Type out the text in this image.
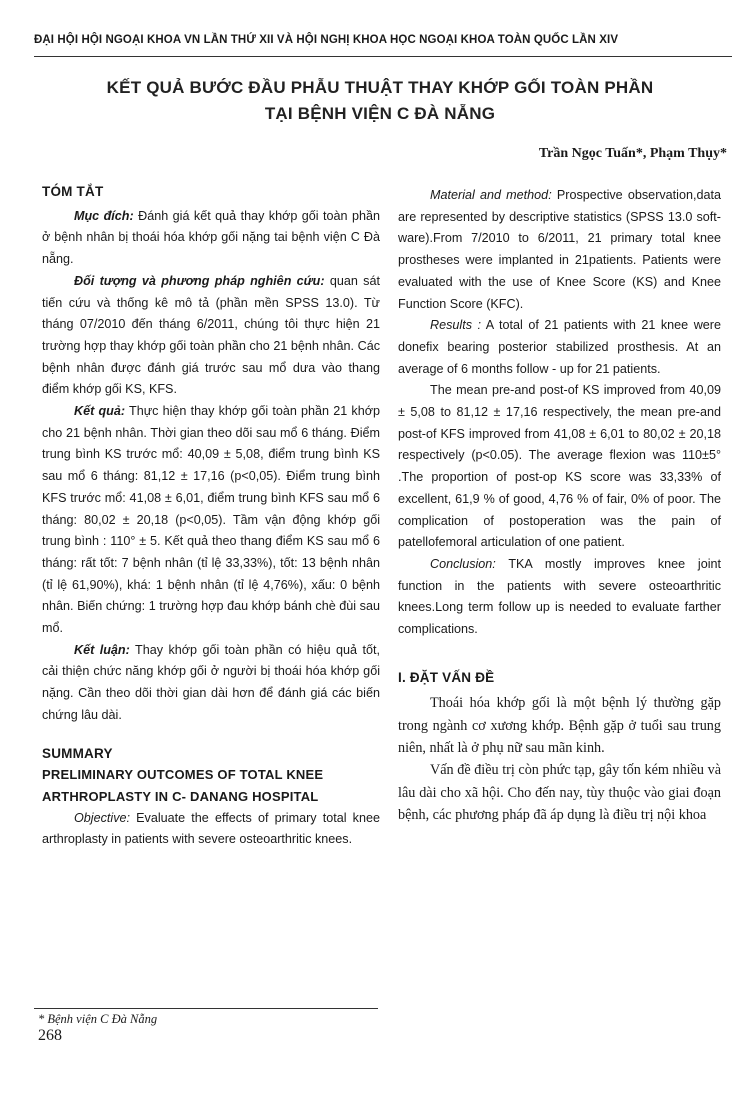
ĐẠI HỘI HỘI NGOẠI KHOA VN LẦN THỨ XII VÀ HỘI NGHỊ KHOA HỌC NGOẠI KHOA TOÀN QUỐC LẦN XIV
KẾT QUẢ BƯỚC ĐẦU PHẪU THUẬT THAY KHỚP GỐI TOÀN PHẦN
TẠI BỆNH VIỆN C ĐÀ NẴNG
Trần Ngọc Tuấn*, Phạm Thụy*
TÓM TẮT

Mục đích: Đánh giá kết quả thay khớp gối toàn phần ở bệnh nhân bị thoái hóa khớp gối nặng tai bệnh viện C Đà nẵng.

Đối tượng và phương pháp nghiên cứu: quan sát tiến cứu và thống kê mô tả (phần mền SPSS 13.0). Từ tháng 07/2010 đến tháng 6/2011, chúng tôi thực hiện 21 trường hợp thay khớp gối toàn phần cho 21 bệnh nhân. Các bệnh nhân được đánh giá trước sau mổ dưa vào thang điểm khớp gối KS, KFS.

Kết quả: Thực hiện thay khớp gối toàn phần 21 khớp cho 21 bệnh nhân. Thời gian theo dõi sau mổ 6 tháng. Điểm trung bình KS trước mổ: 40,09 ± 5,08, điểm trung bình KS sau mổ 6 tháng: 81,12 ± 17,16 (p<0,05). Điểm trung bình KFS trước mổ: 41,08 ± 6,01, điểm trung bình KFS sau mổ 6 tháng: 80,02 ± 20,18 (p<0,05). Tầm vận động khớp gối trung bình : 110° ± 5. Kết quả theo thang điểm KS sau mổ 6 tháng: rất tốt: 7 bệnh nhân (tỉ lệ 33,33%), tốt: 13 bệnh nhân (tỉ lệ 61,90%), khá: 1 bệnh nhân (tỉ lệ 4,76%), xấu: 0 bệnh nhân. Biến chứng: 1 trường hợp đau khớp bánh chè đùi sau mổ.

Kết luận: Thay khớp gối toàn phần có hiệu quả tốt, cải thiện chức năng khớp gối ở người bị thoái hóa khớp gối nặng. Cần theo dõi thời gian dài hơn để đánh giá các biến chứng lâu dài.

SUMMARY
PRELIMINARY OUTCOMES OF TOTAL KNEE ARTHROPLASTY IN C- DANANG HOSPITAL

Objective: Evaluate the effects of primary total knee arthroplasty in patients with severe osteoarthritic knees.

Material and method: Prospective observation,data are represented by descriptive statistics (SPSS 13.0 soft-ware).From 7/2010 to 6/2011, 21 primary total knee prostheses were implanted in 21patients. Patients were evaluated with the use of Knee Score (KS) and Knee Function Score (KFC).

Results : A total of 21 patients with 21 knee were donefix bearing posterior stabilized prosthesis. At an average of 6 months follow - up for 21 patients.

The mean pre-and post-of KS improved from 40,09 ± 5,08 to 81,12 ± 17,16 respectively, the mean pre-and post-of KFS improved from 41,08 ± 6,01 to 80,02 ± 20,18 respectively (p<0.05). The average flexion was 110±5° .The proportion of post-op KS score was 33,33% of excellent, 61,9 % of good, 4,76 % of fair, 0% of poor. The complication of postoperation was the pain of patellofemoral articulation of one patient.

Conclusion: TKA mostly improves knee joint function in the patients with severe osteoarthritic knees.Long term follow up is needed to evaluate farther complications.

I. ĐẶT VẤN ĐỀ

Thoái hóa khớp gối là một bệnh lý thường gặp trong ngành cơ xương khớp. Bệnh gặp ở tuổi sau trung niên, nhất là ở phụ nữ sau mãn kinh.

Vấn đề điều trị còn phức tạp, gây tốn kém nhiều và lâu dài cho xã hội. Cho đến nay, tùy thuộc vào giai đoạn bệnh, các phương pháp đã áp dụng là điều trị nội khoa

* Bệnh viện C Đà Nẵng
268
